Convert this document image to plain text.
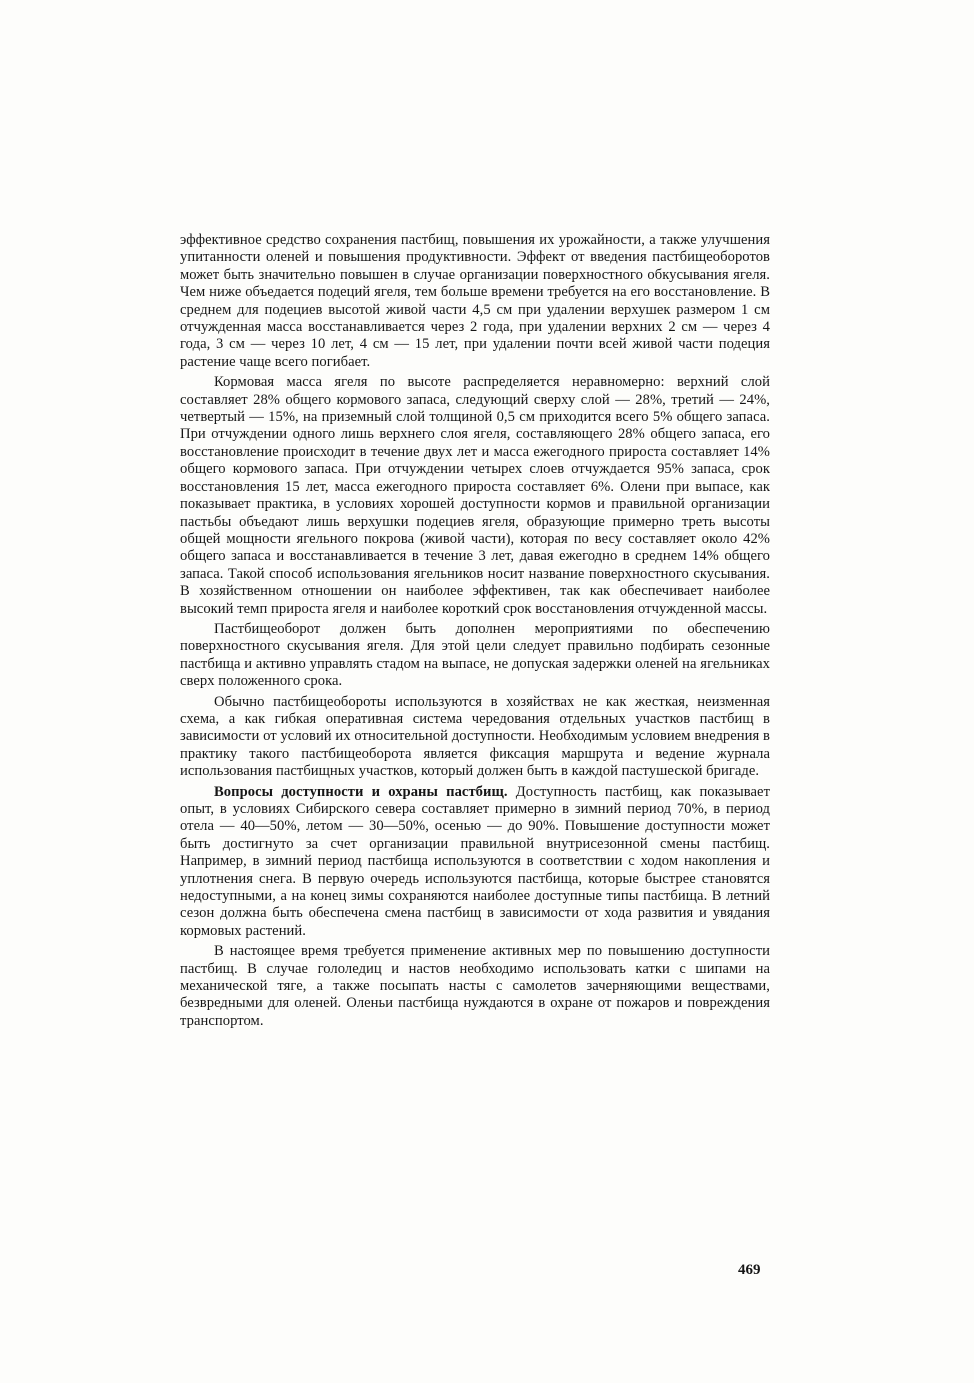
эффективное средство сохранения пастбищ, повышения их урожайности, а также улучшения упитанности оленей и повышения продуктивности. Эффект от введения пастбищеоборотов может быть значительно повышен в случае организации поверхностного обкусывания ягеля. Чем ниже объедается подеций ягеля, тем больше времени требуется на его восстановление. В среднем для подециев высотой живой части 4,5 см при удалении верхушек размером 1 см отчужденная масса восстанавливается через 2 года, при удалении верхних 2 см — через 4 года, 3 см — через 10 лет, 4 см — 15 лет, при удалении почти всей живой части подеция растение чаще всего погибает.

Кормовая масса ягеля по высоте распределяется неравномерно: верхний слой составляет 28% общего кормового запаса, следующий сверху слой — 28%, третий — 24%, четвертый — 15%, на приземный слой толщиной 0,5 см приходится всего 5% общего запаса. При отчуждении одного лишь верхнего слоя ягеля, составляющего 28% общего запаса, его восстановление происходит в течение двух лет и масса ежегодного прироста составляет 14% общего кормового запаса. При отчуждении четырех слоев отчуждается 95% запаса, срок восстановления 15 лет, масса ежегодного прироста составляет 6%. Олени при выпасе, как показывает практика, в условиях хорошей доступности кормов и правильной организации пастьбы объедают лишь верхушки подециев ягеля, образующие примерно треть высоты общей мощности ягельного покрова (живой части), которая по весу составляет около 42% общего запаса и восстанавливается в течение 3 лет, давая ежегодно в среднем 14% общего запаса. Такой способ использования ягельников носит название поверхностного скусывания. В хозяйственном отношении он наиболее эффективен, так как обеспечивает наиболее высокий темп прироста ягеля и наиболее короткий срок восстановления отчужденной массы.

Пастбищеоборот должен быть дополнен мероприятиями по обеспечению поверхностного скусывания ягеля. Для этой цели следует правильно подбирать сезонные пастбища и активно управлять стадом на выпасе, не допуская задержки оленей на ягельниках сверх положенного срока.

Обычно пастбищеобороты используются в хозяйствах не как жесткая, неизменная схема, а как гибкая оперативная система чередования отдельных участков пастбищ в зависимости от условий их относительной доступности. Необходимым условием внедрения в практику такого пастбищеоборота является фиксация маршрута и ведение журнала использования пастбищных участков, который должен быть в каждой пастушеской бригаде.

Вопросы доступности и охраны пастбищ. Доступность пастбищ, как показывает опыт, в условиях Сибирского севера составляет примерно в зимний период 70%, в период отела — 40—50%, летом — 30—50%, осенью — до 90%. Повышение доступности может быть достигнуто за счет организации правильной внутрисезонной смены пастбищ. Например, в зимний период пастбища используются в соответствии с ходом накопления и уплотнения снега. В первую очередь используются пастбища, которые быстрее становятся недоступными, а на конец зимы сохраняются наиболее доступные типы пастбища. В летний сезон должна быть обеспечена смена пастбищ в зависимости от хода развития и увядания кормовых растений.

В настоящее время требуется применение активных мер по повышению доступности пастбищ. В случае гололедиц и настов необходимо использовать катки с шипами на механической тяге, а также посыпать насты с самолетов зачерняющими веществами, безвредными для оленей. Оленьи пастбища нуждаются в охране от пожаров и повреждения транспортом.

469
